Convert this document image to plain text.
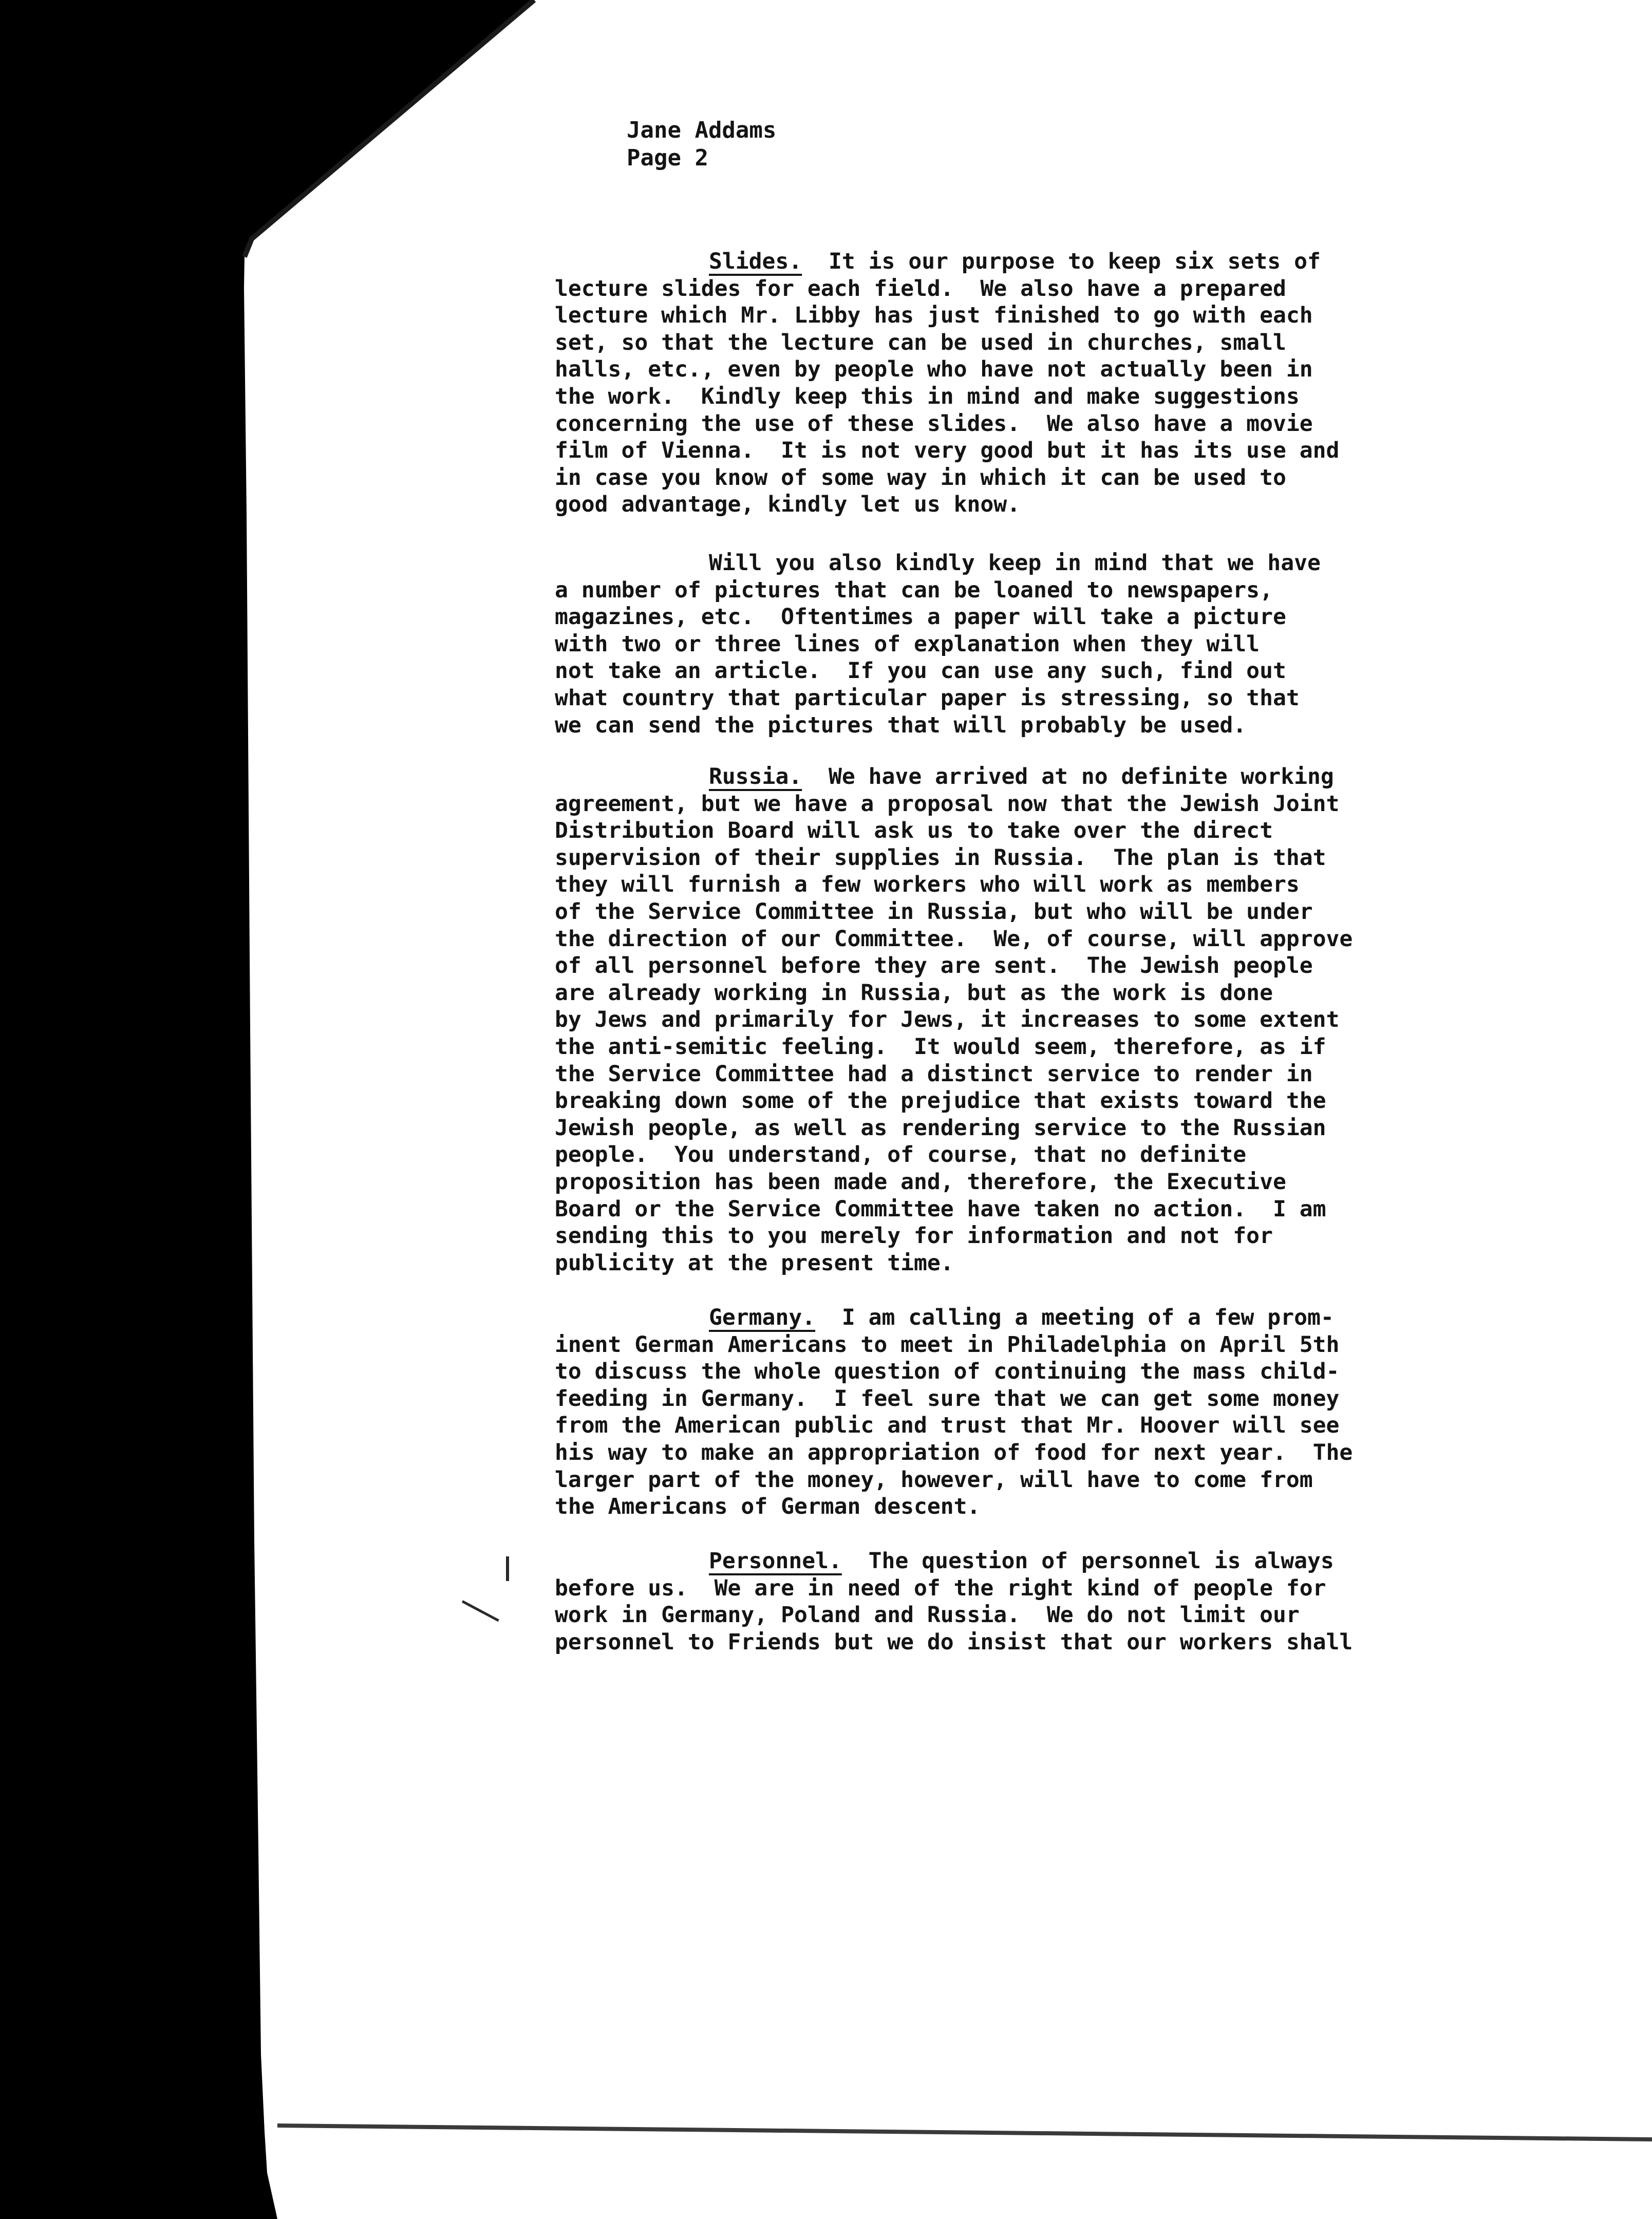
Jane Addams
Page 2
Slides.  It is our purpose to keep six sets of
lecture slides for each field.  We also have a prepared
lecture which Mr. Libby has just finished to go with each
set, so that the lecture can be used in churches, small
halls, etc., even by people who have not actually been in
the work.  Kindly keep this in mind and make suggestions
concerning the use of these slides.  We also have a movie
film of Vienna.  It is not very good but it has its use and
in case you know of some way in which it can be used to
good advantage, kindly let us know.
Will you also kindly keep in mind that we have
a number of pictures that can be loaned to newspapers,
magazines, etc.  Oftentimes a paper will take a picture
with two or three lines of explanation when they will
not take an article.  If you can use any such, find out
what country that particular paper is stressing, so that
we can send the pictures that will probably be used.
Russia.  We have arrived at no definite working
agreement, but we have a proposal now that the Jewish Joint
Distribution Board will ask us to take over the direct
supervision of their supplies in Russia.  The plan is that
they will furnish a few workers who will work as members
of the Service Committee in Russia, but who will be under
the direction of our Committee.  We, of course, will approve
of all personnel before they are sent.  The Jewish people
are already working in Russia, but as the work is done
by Jews and primarily for Jews, it increases to some extent
the anti-semitic feeling.  It would seem, therefore, as if
the Service Committee had a distinct service to render in
breaking down some of the prejudice that exists toward the
Jewish people, as well as rendering service to the Russian
people.  You understand, of course, that no definite
proposition has been made and, therefore, the Executive
Board or the Service Committee have taken no action.  I am
sending this to you merely for information and not for
publicity at the present time.
Germany.  I am calling a meeting of a few prom-
inent German Americans to meet in Philadelphia on April 5th
to discuss the whole question of continuing the mass child-
feeding in Germany.  I feel sure that we can get some money
from the American public and trust that Mr. Hoover will see
his way to make an appropriation of food for next year.  The
larger part of the money, however, will have to come from
the Americans of German descent.
Personnel.  The question of personnel is always
before us.  We are in need of the right kind of people for
work in Germany, Poland and Russia.  We do not limit our
personnel to Friends but we do insist that our workers shall
